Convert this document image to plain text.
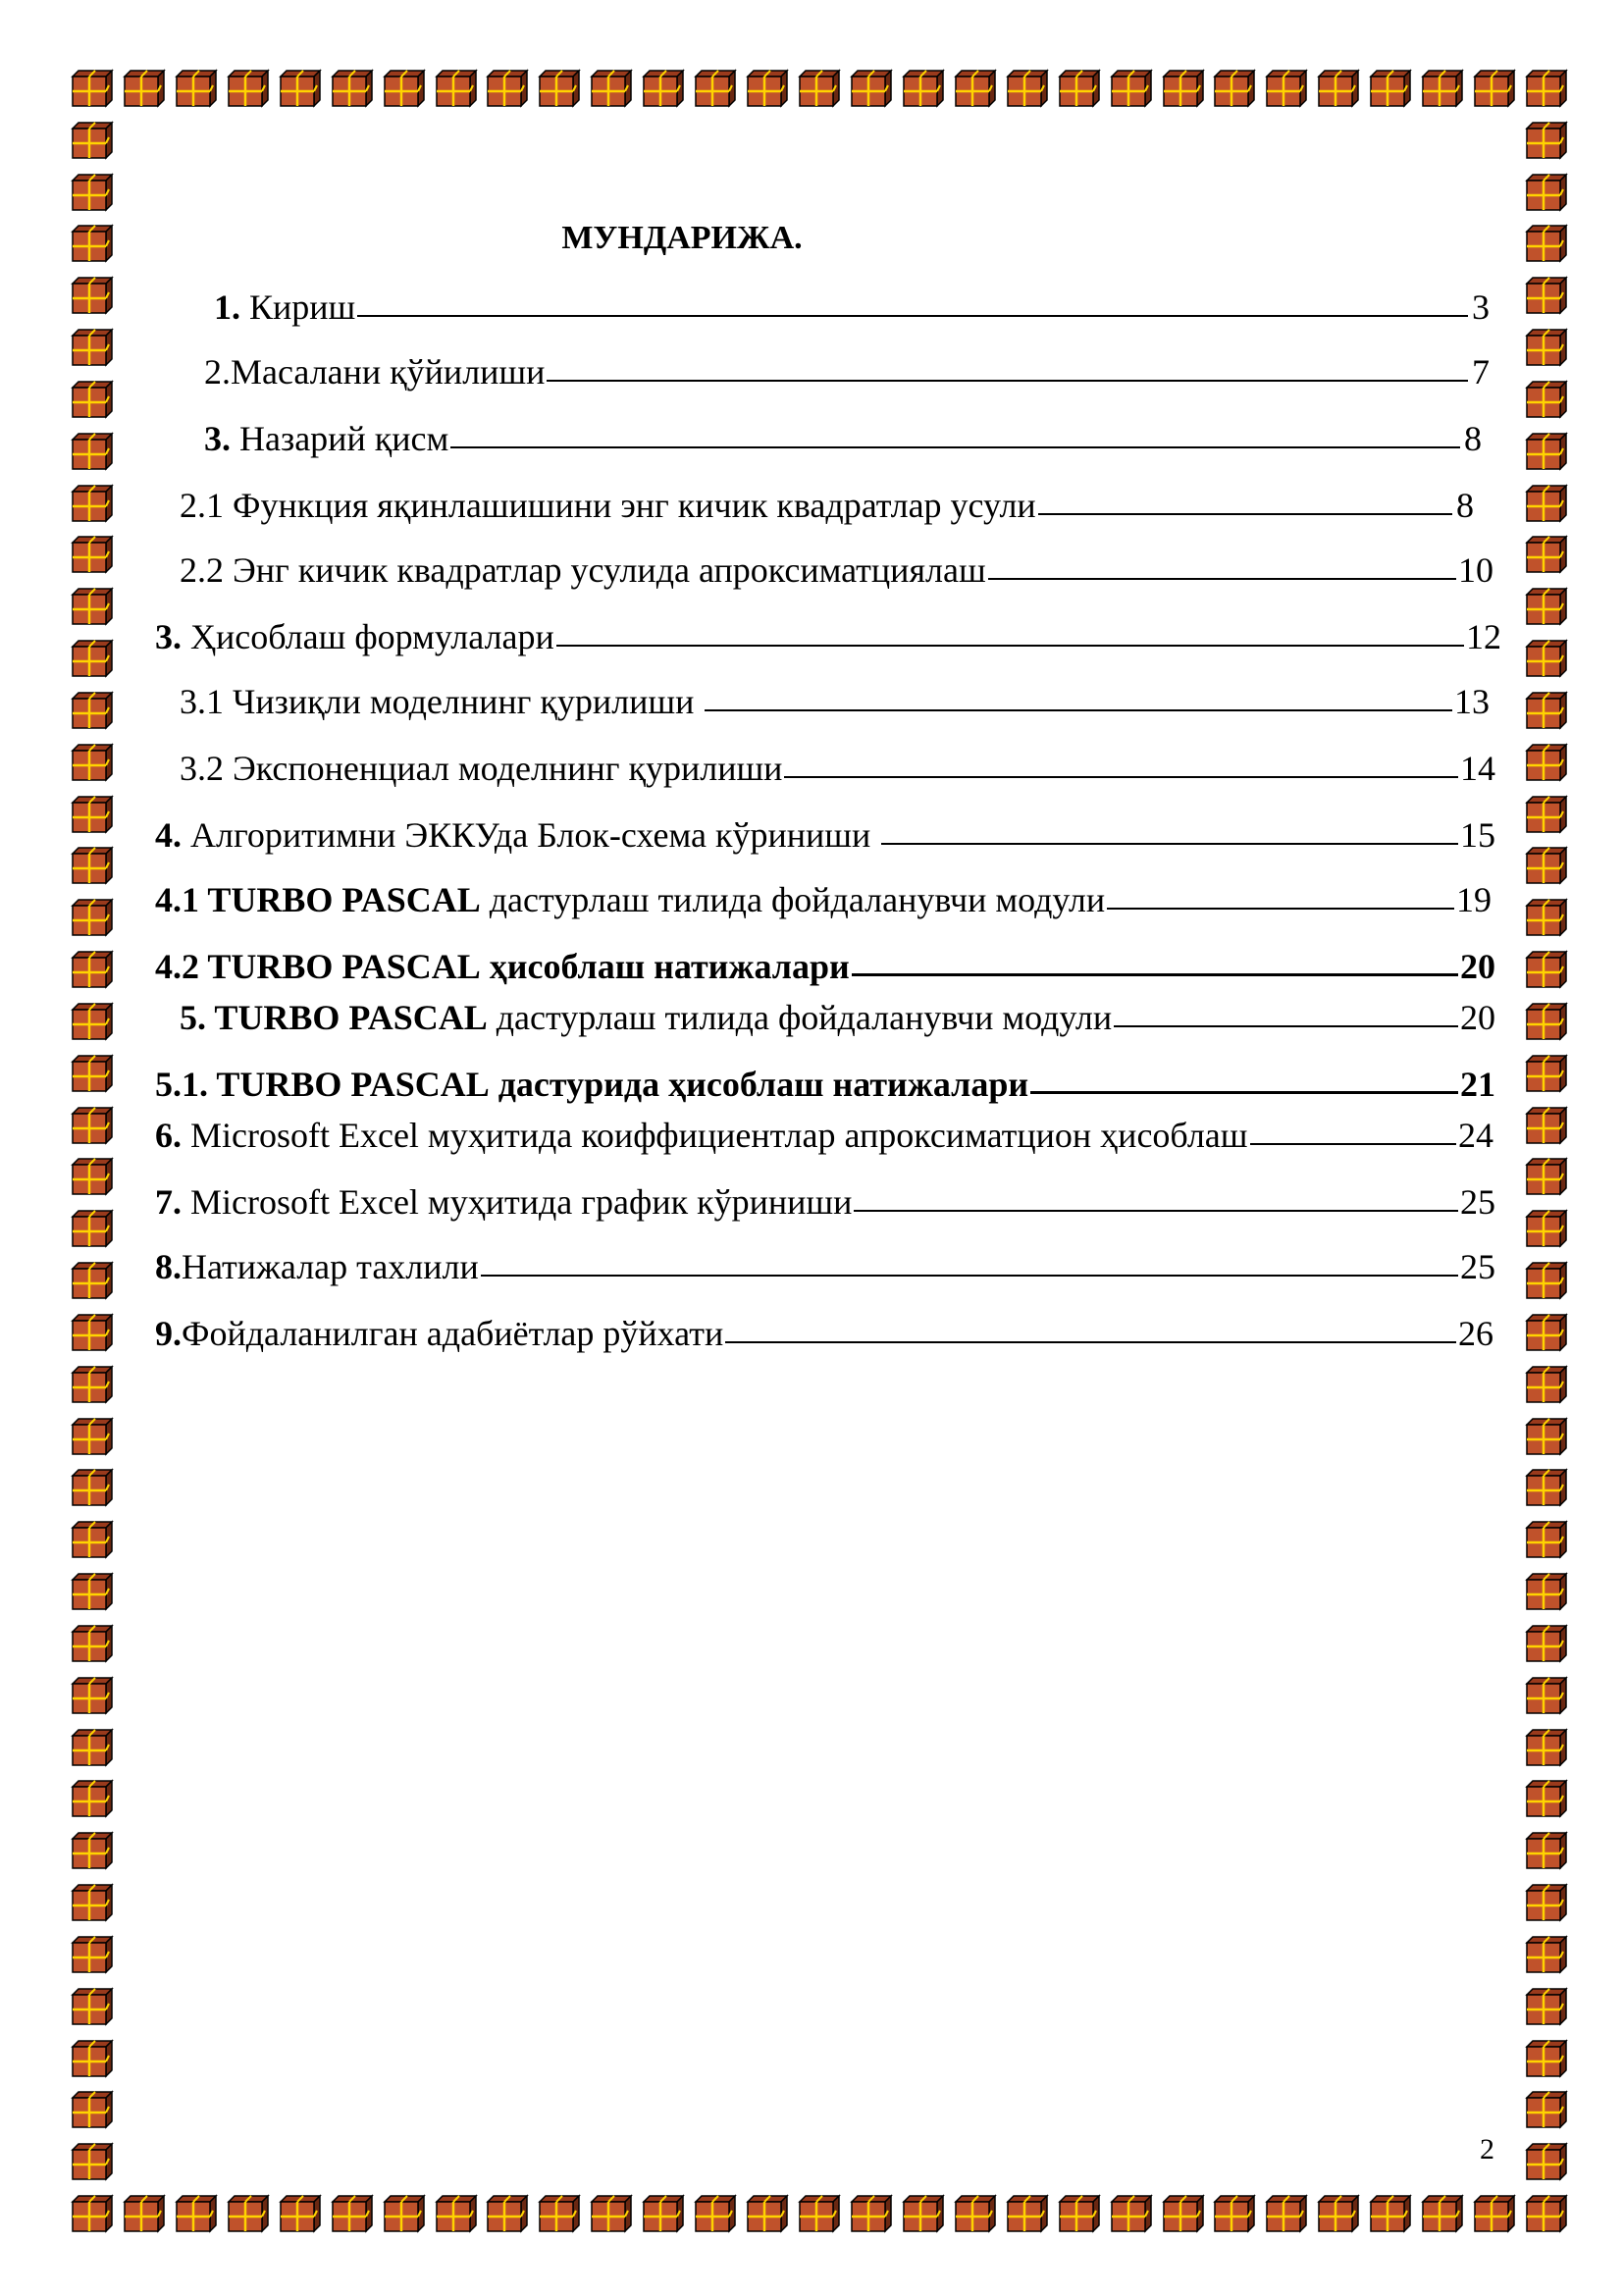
МУНДАРИЖА.
1. Кириш	3
2.Масалани қўйилиши	7
3. Назарий қисм	8
2.1 Функция яқинлашишини энг кичик квадратлар усули	8
2.2 Энг кичик квадратлар усулида апроксиматциялаш	10
3. Ҳисоблаш формулалари	12
3.1 Чизиқли моделнинг қурилиши	13
3.2 Экспоненциал моделнинг қурилиши	14
4. Алгоритимни ЭККУда Блок-схема кўриниши	15
4.1 TURBO PASCAL дастурлаш тилида фойдаланувчи модули	19
4.2 TURBO PASCAL ҳисоблаш натижалари	20
5. TURBO PASCAL дастурлаш тилида фойдаланувчи модули	20
5.1. TURBO PASCAL дастурида ҳисоблаш натижалари	21
6. Microsoft Excel муҳитида коиффициентлар апроксиматцион ҳисоблаш	24
7. Microsoft Excel муҳитида график кўриниши	25
8. Натижалар тахлили	25
9. Фойдаланилган адабиётлар рўйхати	26
2
